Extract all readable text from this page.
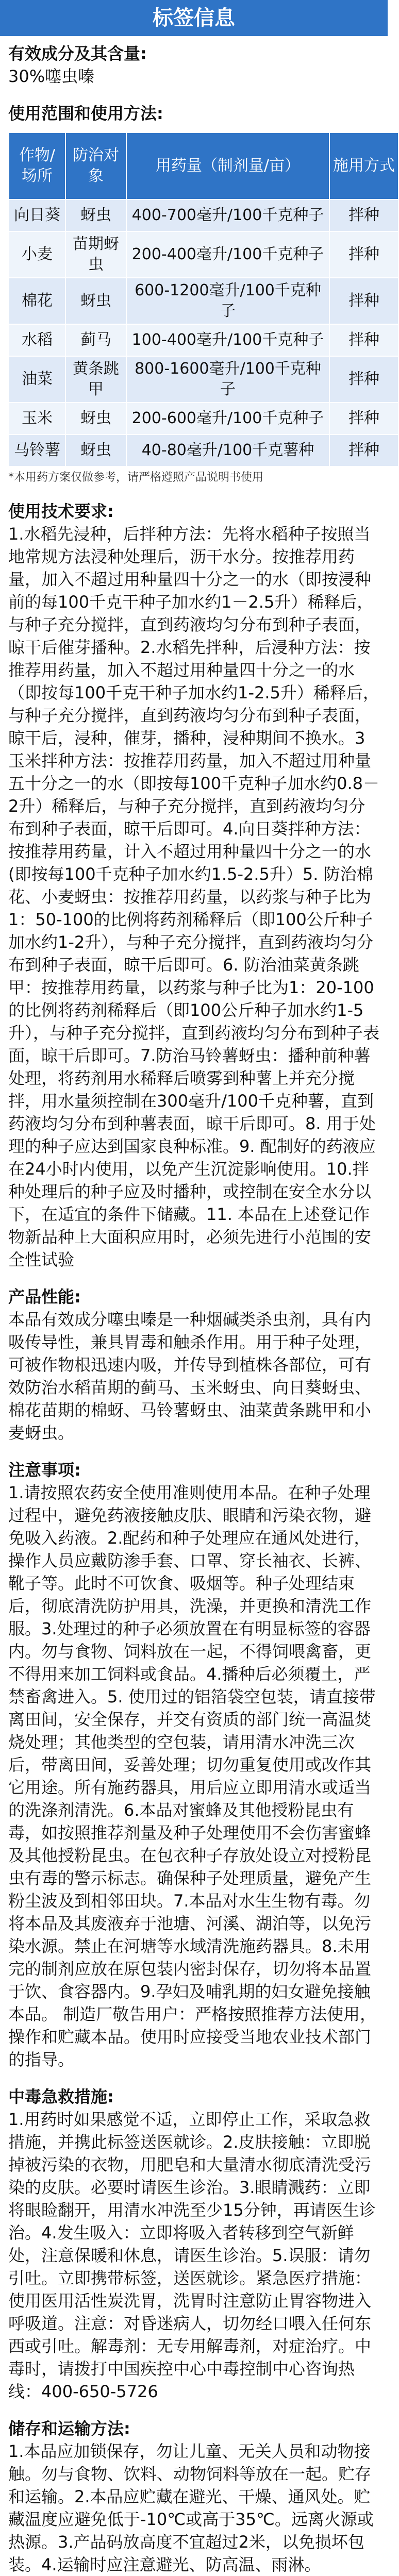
标签信息
有效成分及其含量:
30%噻虫嗪
使用范围和使用方法:
作物/场所	防治对象	用药量（制剂量/亩）	施用方式
向日葵	蚜虫	400-700毫升/100千克种子	拌种
小麦	苗期蚜虫	200-400毫升/100千克种子	拌种
棉花	蚜虫	600-1200毫升/100千克种子	拌种
水稻	蓟马	100-400毫升/100千克种子	拌种
油菜	黄条跳甲	800-1600毫升/100千克种子	拌种
玉米	蚜虫	200-600毫升/100千克种子	拌种
马铃薯	蚜虫	40-80毫升/100千克薯种	拌种
*本用药方案仅做参考，请严格遵照产品说明书使用
使用技术要求:
1.水稻先浸种，后拌种方法：先将水稻种子按照当地常规方法浸种处理后，沥干水分。按推荐用药量，加入不超过用种量四十分之一的水（即按浸种前的每100千克干种子加水约1－2.5升）稀释后，与种子充分搅拌，直到药液均匀分布到种子表面，晾干后催芽播种。2.水稻先拌种，后浸种方法：按推荐用药量，加入不超过用种量四十分之一的水（即按每100千克干种子加水约1-2.5升）稀释后，与种子充分搅拌，直到药液均匀分布到种子表面，晾干后，浸种，催芽，播种，浸种期间不换水。3玉米拌种方法：按推荐用药量，加入不超过用种量五十分之一的水（即按每100千克种子加水约0.8－2升）稀释后，与种子充分搅拌，直到药液均匀分布到种子表面，晾干后即可。4.向日葵拌种方法：按推荐用药量，计入不超过用种量四十分之一的水(即按每100千克种子加水约1.5-2.5升）5. 防治棉花、小麦蚜虫：按推荐用药量，以药浆与种子比为1：50-100的比例将药剂稀释后（即100公斤种子加水约1-2升），与种子充分搅拌，直到药液均匀分布到种子表面，晾干后即可。6. 防治油菜黄条跳甲：按推荐用药量，以药浆与种子比为1：20-100的比例将药剂稀释后（即100公斤种子加水约1-5升），与种子充分搅拌，直到药液均匀分布到种子表面，晾干后即可。7.防治马铃薯蚜虫：播种前种薯处理，将药剂用水稀释后喷雾到种薯上并充分搅拌，用水量须控制在300毫升/100千克种薯，直到药液均匀分布到种薯表面，晾干后即可。8. 用于处理的种子应达到国家良种标准。9. 配制好的药液应在24小时内使用，以免产生沉淀影响使用。10.拌种处理后的种子应及时播种，或控制在安全水分以下，在适宜的条件下储藏。11. 本品在上述登记作物新品种上大面积应用时，必须先进行小范围的安全性试验
产品性能:
本品有效成分噻虫嗪是一种烟碱类杀虫剂，具有内吸传导性，兼具胃毒和触杀作用。用于种子处理，可被作物根迅速内吸，并传导到植株各部位，可有效防治水稻苗期的蓟马、玉米蚜虫、向日葵蚜虫、棉花苗期的棉蚜、马铃薯蚜虫、油菜黄条跳甲和小麦蚜虫。
注意事项:
1.请按照农药安全使用准则使用本品。在种子处理过程中，避免药液接触皮肤、眼睛和污染衣物，避免吸入药液。2.配药和种子处理应在通风处进行，操作人员应戴防渗手套、口罩、穿长袖衣、长裤、靴子等。此时不可饮食、吸烟等。种子处理结束后，彻底清洗防护用具，洗澡，并更换和清洗工作服。3.处理过的种子必须放置在有明显标签的容器内。勿与食物、饲料放在一起，不得饲喂禽畜，更不得用来加工饲料或食品。4.播种后必须覆土，严禁畜禽进入。5. 使用过的铝箔袋空包装，请直接带离田间，安全保存，并交有资质的部门统一高温焚烧处理；其他类型的空包装，请用清水冲洗三次后，带离田间，妥善处理；切勿重复使用或改作其它用途。所有施药器具，用后应立即用清水或适当的洗涤剂清洗。6.本品对蜜蜂及其他授粉昆虫有毒，如按照推荐剂量及种子处理使用不会伤害蜜蜂及其他授粉昆虫。在包衣种子存放处设立对授粉昆虫有毒的警示标志。确保种子处理质量，避免产生粉尘波及到相邻田块。7.本品对水生生物有毒。勿将本品及其废液弃于池塘、河溪、湖泊等，以免污染水源。禁止在河塘等水域清洗施药器具。8.未用完的制剂应放在原包装内密封保存，切勿将本品置于饮、食容器内。9.孕妇及哺乳期的妇女避免接触本品。 制造厂敬告用户：严格按照推荐方法使用，操作和贮藏本品。使用时应接受当地农业技术部门的指导。
中毒急救措施:
1.用药时如果感觉不适，立即停止工作，采取急救措施，并携此标签送医就诊。2.皮肤接触：立即脱掉被污染的衣物，用肥皂和大量清水彻底清洗受污染的皮肤。必要时请医生诊治。3.眼睛溅药：立即将眼睑翻开，用清水冲洗至少15分钟，再请医生诊治。4.发生吸入：立即将吸入者转移到空气新鲜处，注意保暖和休息，请医生诊治。5.误服：请勿引吐。立即携带标签，送医就诊。紧急医疗措施：使用医用活性炭洗胃，洗胃时注意防止胃容物进入呼吸道。注意：对昏迷病人，切勿经口喂入任何东西或引吐。解毒剂：无专用解毒剂，对症治疗。中毒时，请拨打中国疾控中心中毒控制中心咨询热线：400-650-5726
储存和运输方法:
1.本品应加锁保存，勿让儿童、无关人员和动物接触。勿与食物、饮料、动物饲料等放在一起。贮存和运输。2.本品应贮藏在避光、干燥、通风处。贮藏温度应避免低于-10℃或高于35℃。远离火源或热源。3.产品码放高度不宜超过2米，以免损坏包装。4.运输时应注意避光、防高温、雨淋。
